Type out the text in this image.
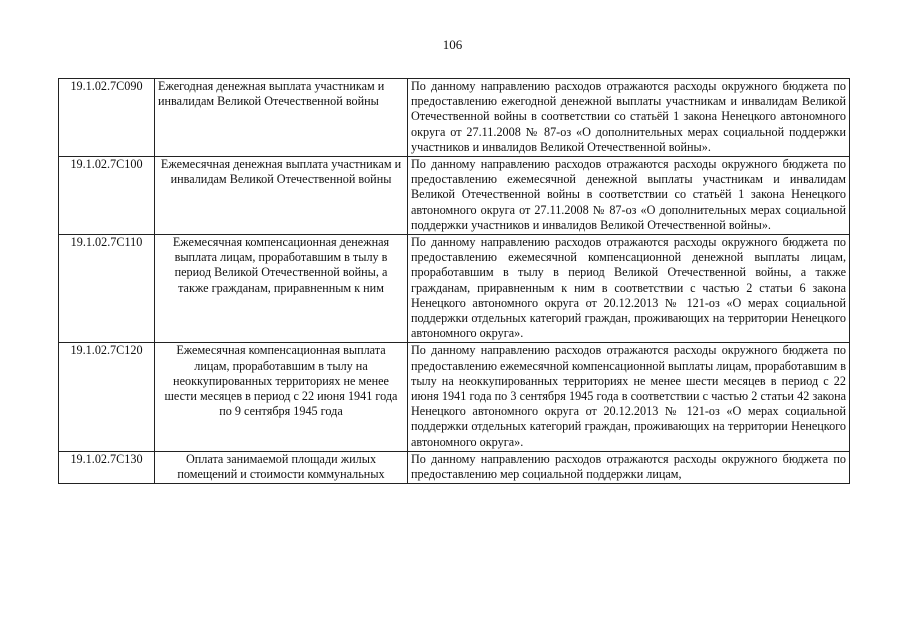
106
19.1.02.7С090	Ежегодная денежная выплата участникам и инвалидам Великой Отечественной войны	По данному направлению расходов отражаются расходы окружного бюджета по предоставлению ежегодной денежной выплаты участникам и инвалидам Великой Отечественной войны в соответствии со статьёй 1 закона Ненецкого автономного округа от 27.11.2008 № 87-оз «О дополнительных мерах социальной поддержки участников и инвалидов Великой Отечественной войны».
19.1.02.7С100	Ежемесячная денежная выплата участникам и инвалидам Великой Отечественной войны	По данному направлению расходов отражаются расходы окружного бюджета по предоставлению ежемесячной денежной выплаты участникам и инвалидам Великой Отечественной войны в соответствии со статьёй 1 закона Ненецкого автономного округа от 27.11.2008 № 87-оз «О дополнительных мерах социальной поддержки участников и инвалидов Великой Отечественной войны».
19.1.02.7С110	Ежемесячная компенсационная денежная выплата лицам, проработавшим в тылу в период Великой Отечественной войны, а также гражданам, приравненным к ним	По данному направлению расходов отражаются расходы окружного бюджета по предоставлению ежемесячной компенсационной денежной выплаты лицам, проработавшим в тылу в период Великой Отечественной войны, а также гражданам, приравненным к ним в соответствии с частью 2 статьи 6 закона Ненецкого автономного округа от 20.12.2013 № 121-оз «О мерах социальной поддержки отдельных категорий граждан, проживающих на территории Ненецкого автономного округа».
19.1.02.7С120	Ежемесячная компенсационная выплата лицам, проработавшим в тылу на неоккупированных территориях не менее шести месяцев в период с 22 июня 1941 года по 9 сентября 1945 года	По данному направлению расходов отражаются расходы окружного бюджета по предоставлению ежемесячной компенсационной выплаты лицам, проработавшим в тылу на неоккупированных территориях не менее шести месяцев в период с 22 июня 1941 года по 3 сентября 1945 года в соответствии с частью 2 статьи 42 закона Ненецкого автономного округа от 20.12.2013 № 121-оз «О мерах социальной поддержки отдельных категорий граждан, проживающих на территории Ненецкого автономного округа».
19.1.02.7С130	Оплата занимаемой площади жилых помещений и стоимости коммунальных	По данному направлению расходов отражаются расходы окружного бюджета по предоставлению мер социальной поддержки лицам,
